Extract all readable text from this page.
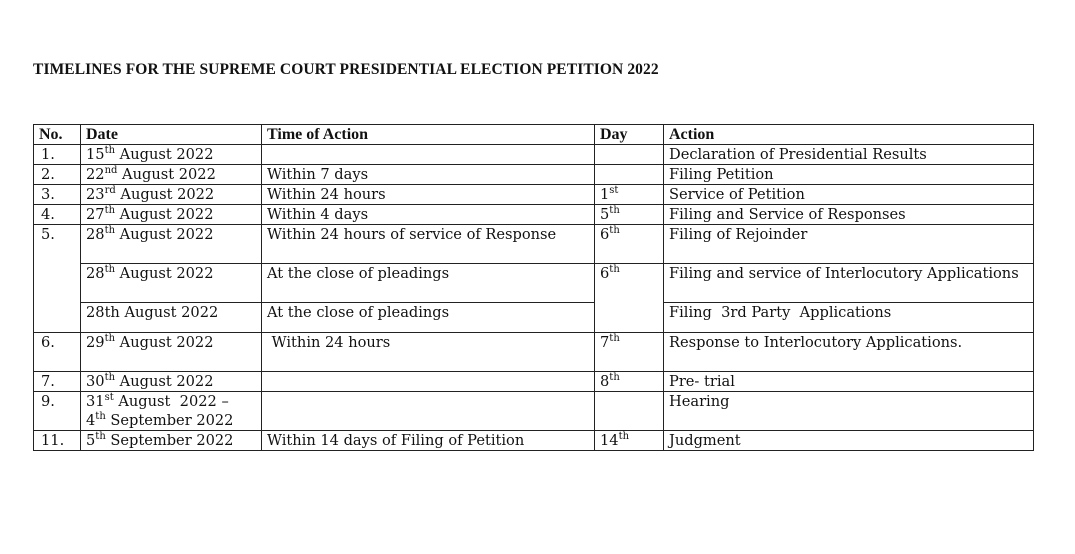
TIMELINES FOR THE SUPREME COURT PRESIDENTIAL ELECTION PETITION 2022
No.	Date	Time of Action	Day	Action
1.	15th August 2022			Declaration of Presidential Results
2.	22nd August 2022	Within 7 days		Filing Petition
3.	23rd August 2022	Within 24 hours	1st	Service of Petition
4.	27th August 2022	Within 4 days	5th	Filing and Service of Responses
5.	28th August 2022	Within 24 hours of service of Response	6th	Filing of Rejoinder
	28th August 2022	At the close of pleadings	6th	Filing and service of Interlocutory Applications
	28th August 2022	At the close of pleadings		Filing  3rd Party  Applications
6.	29th August 2022	Within 24 hours	7th	Response to Interlocutory Applications.
7.	30th August 2022		8th	Pre- trial
9.	31st August  2022 –
4th September 2022			Hearing
11.	5th September 2022	Within 14 days of Filing of Petition	14th	Judgment
